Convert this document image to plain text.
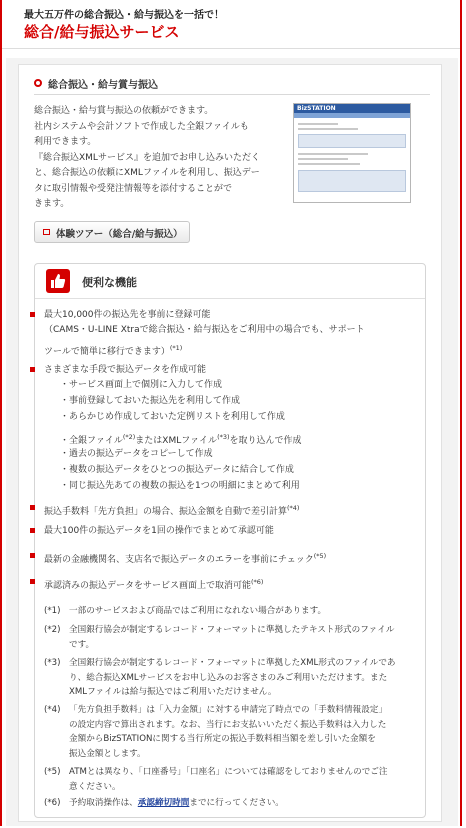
最大五万件の総合振込・給与振込を一括で！
総合/給与振込サービス
総合振込・給与賞与振込

総合振込・給与賞与振込の依頼ができます。

社内システムや会計ソフトで作成した全銀ファイルも

利用できます。

『総合振込XMLサービス』を追加でお申し込みいただく

と、総合振込の依頼にXMLファイルを利用し、振込デー

タに取引情報や受発注情報等を添付することがで

きます。

BizSTATION
体験ツアー（総合/給与振込）
便利な機能
最大10,000件の振込先を事前に登録可能
（CAMS・U-LINE Xtraで総合振込・給与振込をご利用中の場合でも、サポート
ツールで簡単に移行できます）$^{(*1)}$
さまざまな手段で振込データを作成可能
・サービス画面上で個別に入力して作成
・事前登録しておいた振込先を利用して作成
・あらかじめ作成しておいた定例リストを利用して作成
・全銀ファイル$^{(*2)}$またはXMLファイル$^{(*3)}$を取り込んで作成
・過去の振込データをコピーして作成
・複数の振込データをひとつの振込データに結合して作成
・同じ振込先あての複数の振込を1つの明細にまとめて利用
振込手数料「先方負担」の場合、振込金額を自動で差引計算$^{(*4)}$
最大100件の振込データを1回の操作でまとめて承認可能
最新の金融機関名、支店名で振込データのエラーを事前にチェック$^{(*5)}$
承認済みの振込データをサービス画面上で取消可能$^{(*6)}$
(*1) 一部のサービスおよび商品ではご利用になれない場合があります。

(*2) 全国銀行協会が制定するレコード・フォーマットに準拠したテキスト形式のファイル

です。

(*3) 全国銀行協会が制定するレコード・フォーマットに準拠したXML形式のファイルであ

り、総合振込XMLサービスをお申し込みのお客さまのみご利用いただけます。また

XMLファイルは給与振込ではご利用いただけません。

(*4) 「先方負担手数料」は「入力金額」に対する申請完了時点での「手数料情報設定」

の設定内容で算出されます。なお、当行にお支払いいただく振込手数料は入力した

金額からBizSTATIONに関する当行所定の振込手数料相当額を差し引いた金額を

振込金額とします。

(*5) ATMとは異なり、「口座番号」「口座名」については確認をしておりませんのでご注

意ください。

(*6) 予約取消操作は、承認締切時間までに行ってください。
